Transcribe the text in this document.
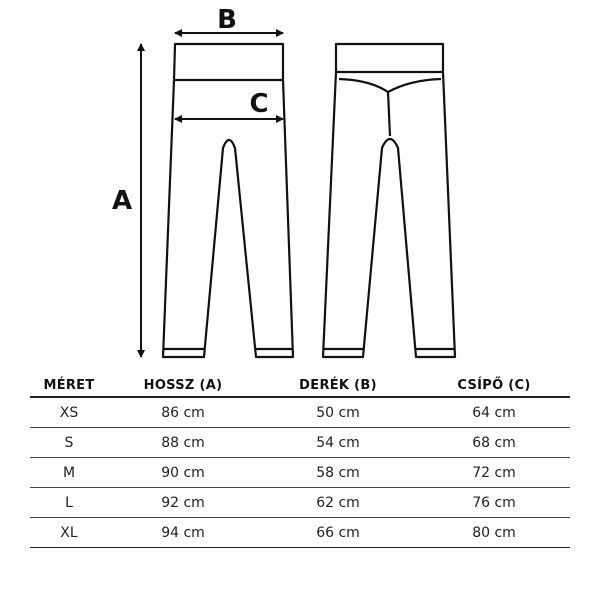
A
B
C
MÉRET	HOSSZ (A)	DERÉK (B)	CSÍPŐ (C)
XS	86 cm	50 cm	64 cm
S	88 cm	54 cm	68 cm
M	90 cm	58 cm	72 cm
L	92 cm	62 cm	76 cm
XL	94 cm	66 cm	80 cm
